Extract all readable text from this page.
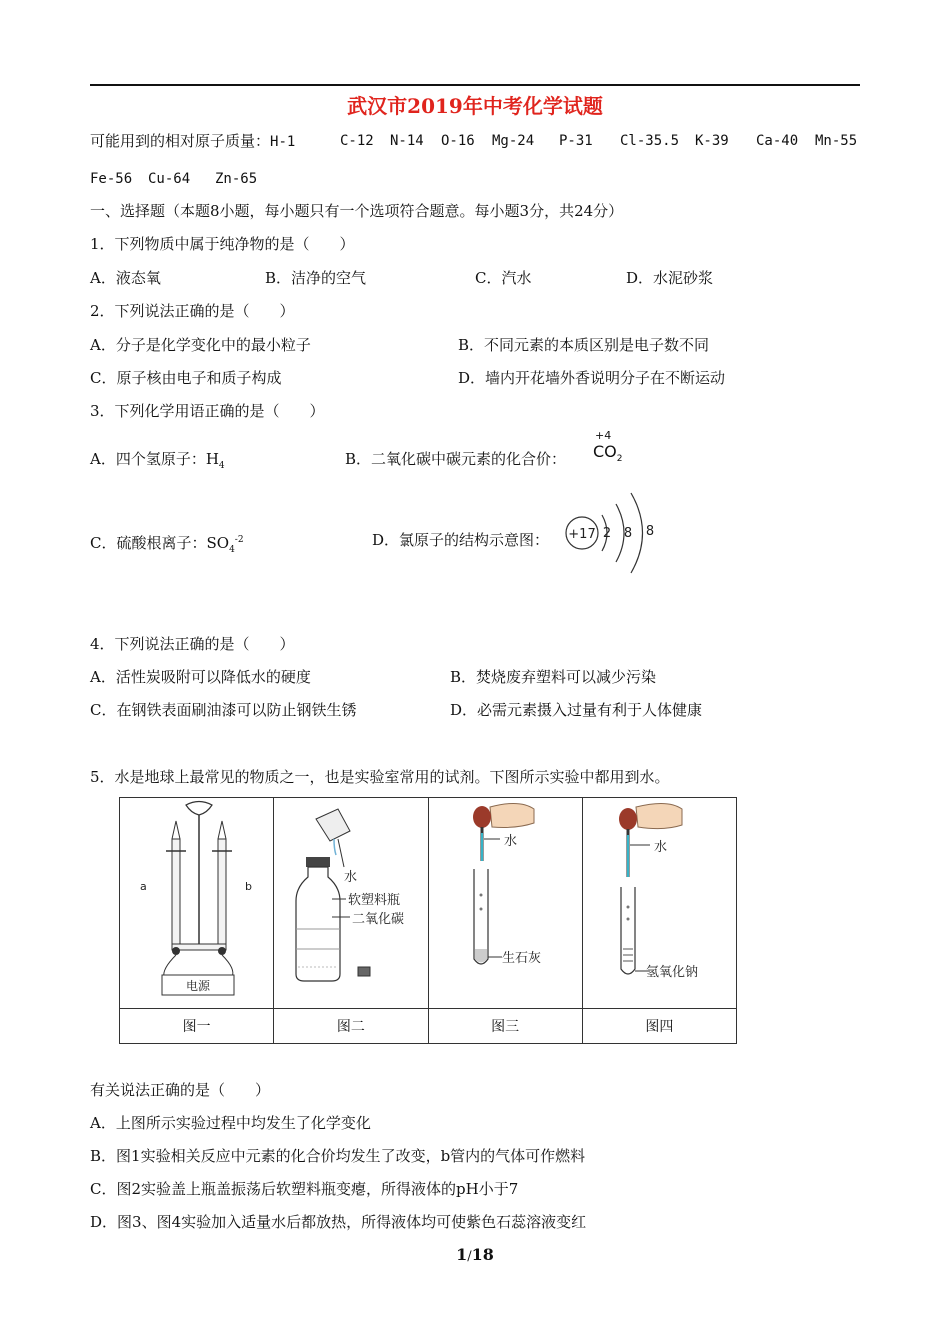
武汉市2019年中考化学试题
可能用到的相对原子质量：H-1	C-12 N-14 O-16 Mg-24 P-31 Cl-35.5 K-39 Ca-40 Mn-55
Fe-56 Cu-64 Zn-65
一、选择题（本题8小题，每小题只有一个选项符合题意。每小题3分，共24分）
1．下列物质中属于纯净物的是（　　）
A．液态氧	B．洁净的空气	C．汽水	D．水泥砂浆
2．下列说法正确的是（　　）
A．分子是化学变化中的最小粒子	B．不同元素的本质区别是电子数不同
C．原子核由电子和质子构成	D．墙内开花墙外香说明分子在不断运动
3．下列化学用语正确的是（　　）
A．四个氢原子：$H_4$	B．二氧化碳中碳元素的化合价：
+4
$CO_2$
C．硫酸根离子：$SO_4^{-2}$	D．氯原子的结构示意图： +17 2 8 8
4．下列说法正确的是（　　）
A．活性炭吸附可以降低水的硬度	B．焚烧废弃塑料可以减少污染
C．在钢铁表面刷油漆可以防止钢铁生锈	D．必需元素摄入过量有利于人体健康
5．水是地球上最常见的物质之一，也是实验室常用的试剂。下图所示实验中都用到水。
a b
电源	水
软塑料瓶
二氧化碳	水
生石灰	水
氢氧化钠

图一	图二	图三	图四
有关说法正确的是（　　）
A．上图所示实验过程中均发生了化学变化
B．图1实验相关反应中元素的化合价均发生了改变，b管内的气体可作燃料
C．图2实验盖上瓶盖振荡后软塑料瓶变瘪，所得液体的pH小于7
D．图3、图4实验加入适量水后都放热，所得液体均可使紫色石蕊溶液变红
1/18
